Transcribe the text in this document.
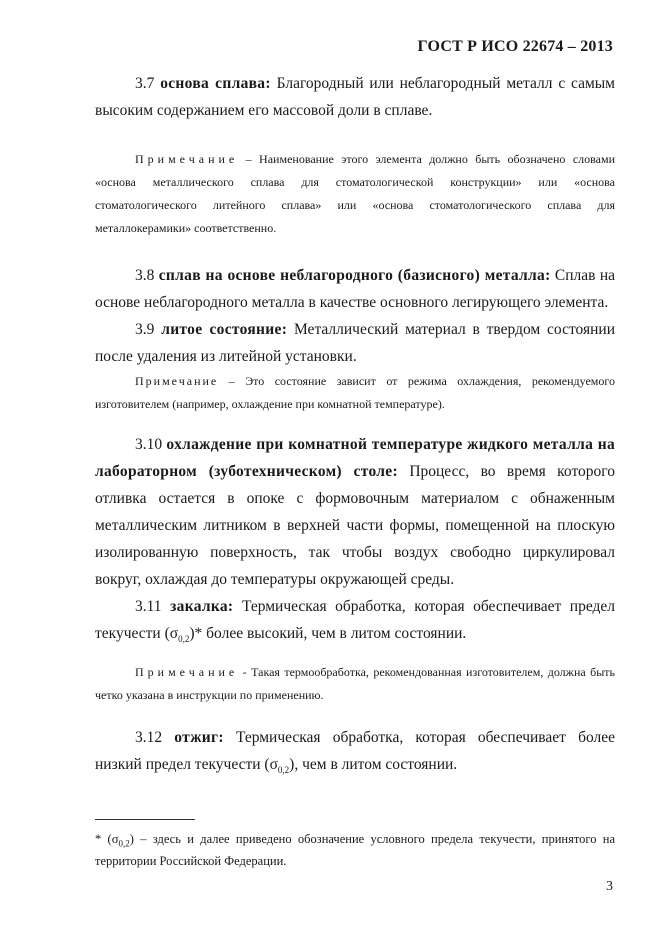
ГОСТ Р ИСО 22674 – 2013
3.7 основа сплава: Благородный или неблагородный металл с самым высоким содержанием его массовой доли в сплаве.
Примечание – Наименование этого элемента должно быть обозначено словами «основа металлического сплава для стоматологической конструкции» или «основа стоматологического литейного сплава» или «основа стоматологического сплава для металлокерамики» соответственно.
3.8 сплав на основе неблагородного (базисного) металла: Сплав на основе неблагородного металла в качестве основного легирующего элемента.
3.9 литое состояние: Металлический материал в твердом состоянии после удаления из литейной установки.
Примечание – Это состояние зависит от режима охлаждения, рекомендуемого изготовителем (например, охлаждение при комнатной температуре).
3.10 охлаждение при комнатной температуре жидкого металла на лабораторном (зуботехническом) столе: Процесс, во время которого отливка остается в опоке с формовочным материалом с обнаженным металлическим литником в верхней части формы, помещенной на плоскую изолированную поверхность, так чтобы воздух свободно циркулировал вокруг, охлаждая до температуры окружающей среды.
3.11 закалка: Термическая обработка, которая обеспечивает предел текучести $(\sigma_{0,2})*$ более высокий, чем в литом состоянии.
Примечание - Такая термообработка, рекомендованная изготовителем, должна быть четко указана в инструкции по применению.
3.12 отжиг: Термическая обработка, которая обеспечивает более низкий предел текучести $(\sigma_{0,2})$, чем в литом состоянии.
* $(\sigma_{0,2})$ – здесь и далее приведено обозначение условного предела текучести, принятого на территории Российской Федерации.
3
